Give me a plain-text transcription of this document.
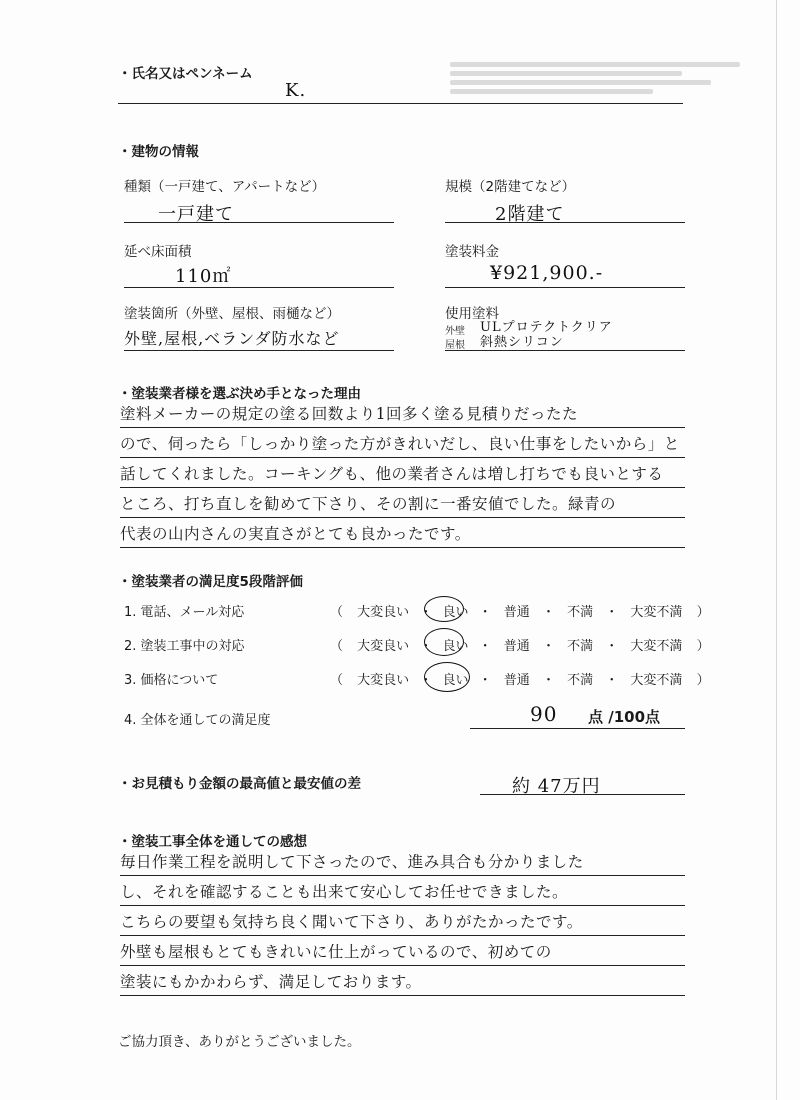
・氏名又はペンネーム
K.
・建物の情報
種類（一戸建て、アパートなど）
一戸建て
規模（2階建てなど）
2階建て
延べ床面積
110㎡
塗装料金
¥921,900.-
塗装箇所（外壁、屋根、雨樋など）
外壁,屋根,ベランダ防水など
使用塗料
外壁 ULプロテクトクリア
屋根 斜熱シリコン
・塗装業者様を選ぶ決め手となった理由
塗料メーカーの規定の塗る回数より1回多く塗る見積りだったた
ので、伺ったら「しっかり塗った方がきれいだし、良い仕事をしたいから」と
話してくれました。コーキングも、他の業者さんは増し打ちでも良いとする
ところ、打ち直しを勧めて下さり、その割に一番安値でした。緑青の
代表の山内さんの実直さがとても良かったです。
・塗装業者の満足度5段階評価
1. 電話、メール対応	（ 大変良い ・ 良い ・ 普通 ・ 不満 ・ 大変不満 ）
2. 塗装工事中の対応	（ 大変良い ・ 良い ・ 普通 ・ 不満 ・ 大変不満 ）
3. 価格について	（ 大変良い ・ 良い ・ 普通 ・ 不満 ・ 大変不満 ）
4. 全体を通しての満足度	90 点 /100点
・お見積もり金額の最高値と最安値の差	約 47万円
・塗装工事全体を通しての感想
毎日作業工程を説明して下さったので、進み具合も分かりました
し、それを確認することも出来て安心してお任せできました。
こちらの要望も気持ち良く聞いて下さり、ありがたかったです。
外壁も屋根もとてもきれいに仕上がっているので、初めての
塗装にもかかわらず、満足しております。
ご協力頂き、ありがとうございました。
